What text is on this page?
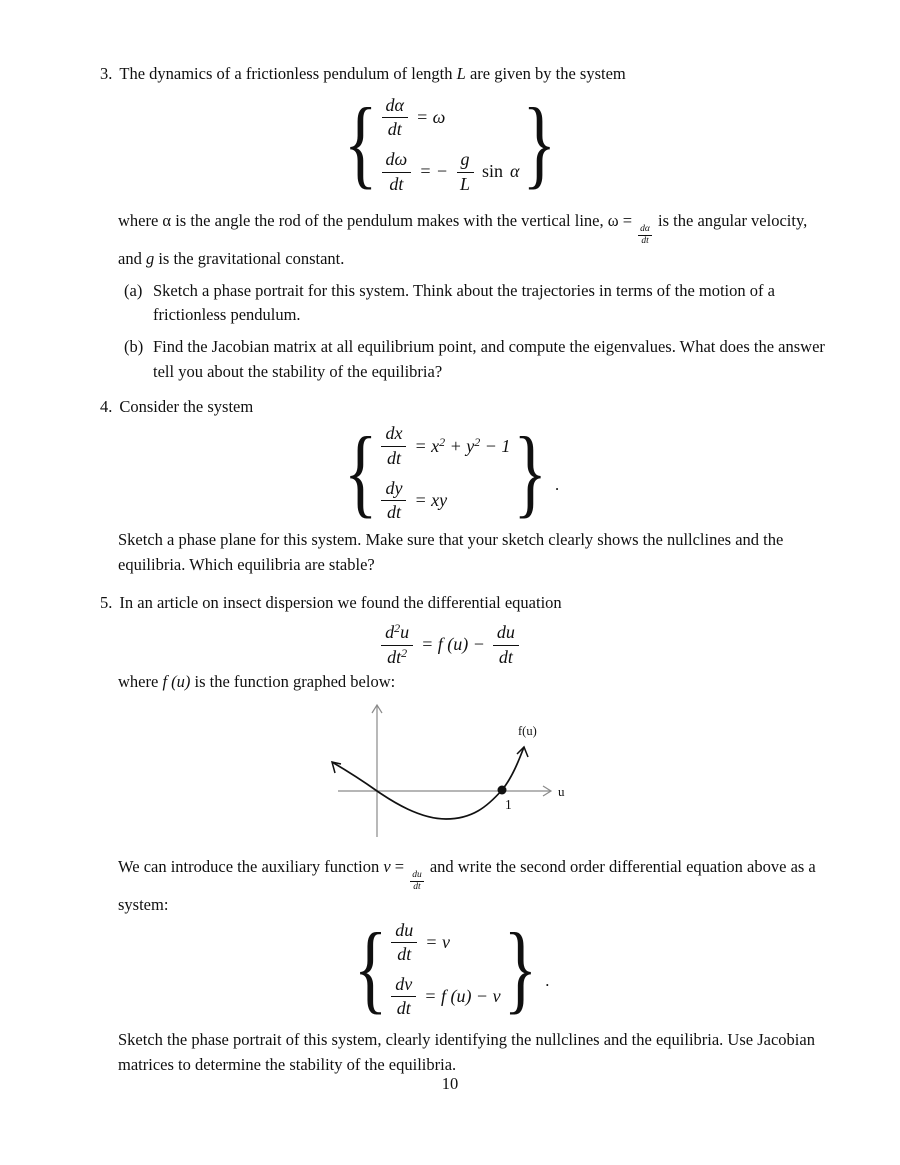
3. The dynamics of a frictionless pendulum of length L are given by the system
{ $\frac{d\alpha}{dt} = \omega$
$\frac{d\omega}{dt}$ = − $\frac{g}{L}$ sin α }
where α is the angle the rod of the pendulum makes with the vertical line, ω =
$\frac{d\alpha}{dt}$
is the angular velocity, and g is the gravitational constant.
(a) Sketch a phase portrait for this system. Think about the trajectories in terms of the motion of a frictionless pendulum.
(b) Find the Jacobian matrix at all equilibrium point, and compute the eigenvalues. What does the answer tell you about the stability of the equilibria?
4. Consider the system
{ $\frac{dx}{dt} = x^2 + y^2 - 1$
$\frac{dy}{dt}$ = xy } .
Sketch a phase plane for this system. Make sure that your sketch clearly shows the nullclines and the equilibria. Which equilibria are stable?
5. In an article on insect dispersion we found the differential equation
$\frac{d^2u}{dt^2} = f$ $(u) - \frac{du}{dt}$
where f (u) is the function graphed below:
f(u)
u
1
We can introduce the auxiliary function v =
$\frac{du}{dt}$
and write the second order differential equation above as a system:
{ $\frac{du}{dt} = v$
$\frac{dv}{dt} = f$ (u) − v } .
Sketch the phase portrait of this system, clearly identifying the nullclines and the equilibria. Use Jacobian matrices to determine the stability of the equilibria.
10
